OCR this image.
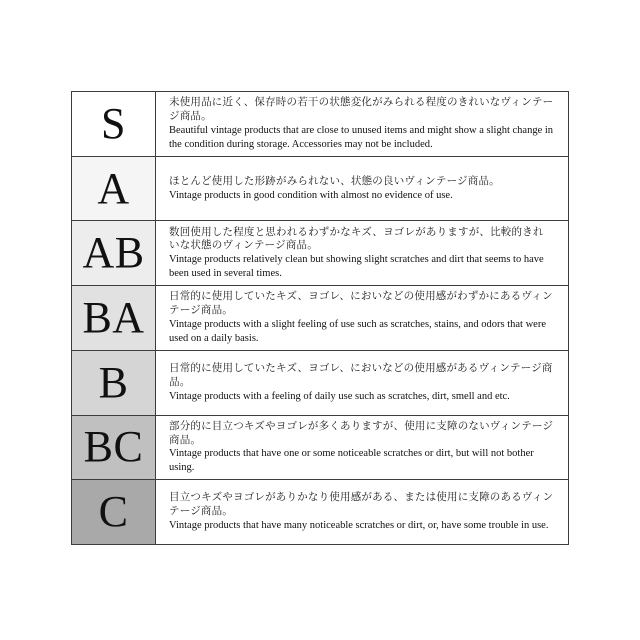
S	未使用品に近く、保存時の若干の状態変化がみられる程度のきれいなヴィンテージ商品。
Beautiful vintage products that are close to unused items and might show a slight change in the condition during storage. Accessories may not be included.
A	ほとんど使用した形跡がみられない、状態の良いヴィンテージ商品。
Vintage products in good condition with almost no evidence of use.
AB 数回使用した程度と思われるわずかなキズ、ヨゴレがありますが、比較的きれいな状態のヴィンテージ商品。
Vintage products relatively clean but showing slight scratches and dirt that seems to have been used in several times.
BA 日常的に使用していたキズ、ヨゴレ、においなどの使用感がわずかにあるヴィンテージ商品。
Vintage products with a slight feeling of use such as scratches, stains, and odors that were used on a daily basis.
B	日常的に使用していたキズ、ヨゴレ、においなどの使用感があるヴィンテージ商品。
Vintage products with a feeling of daily use such as scratches, dirt, smell and etc.
BC 部分的に目立つキズやヨゴレが多くありますが、使用に支障のないヴィンテージ商品。
Vintage products that have one or some noticeable scratches or dirt, but will not bother using.
C	目立つキズやヨゴレがありかなり使用感がある、または使用に支障のあるヴィンテージ商品。
Vintage products that have many noticeable scratches or dirt, or, have some trouble in use.
